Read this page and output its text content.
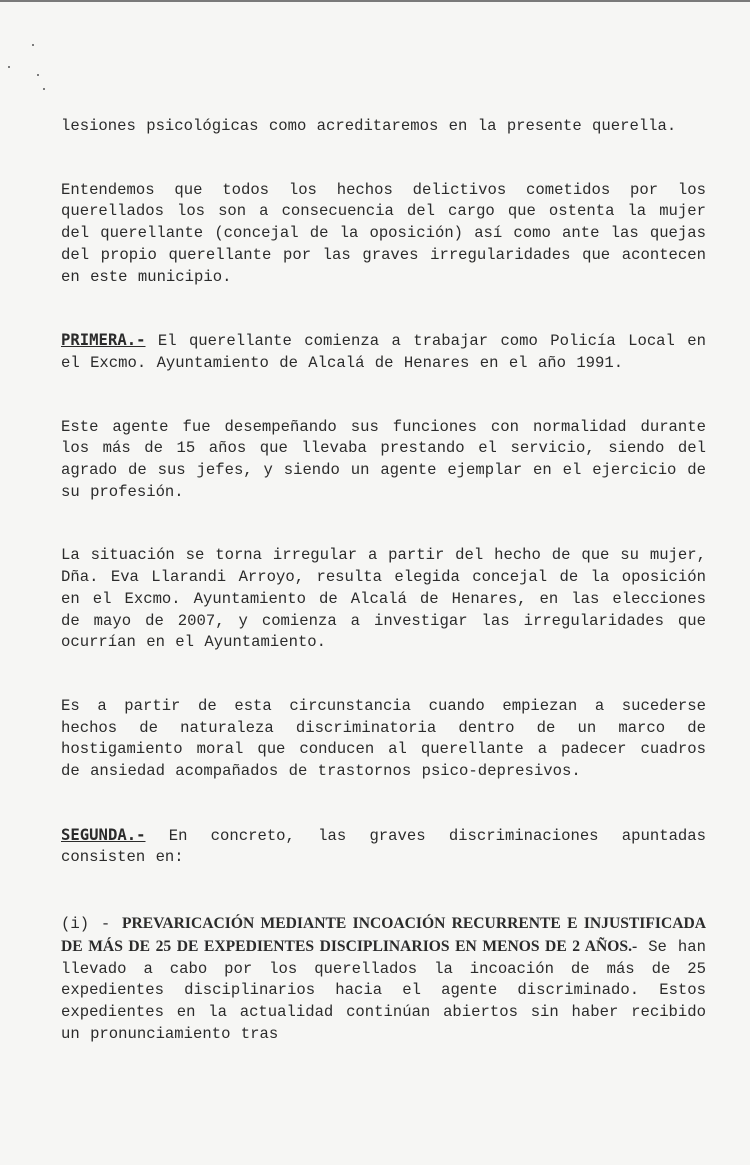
lesiones psicológicas como acreditaremos en la presente querella.

Entendemos que todos los hechos delictivos cometidos por los querellados los son a consecuencia del cargo que ostenta la mujer del querellante (concejal de la oposición) así como ante las quejas del propio querellante por las graves irregularidades que acontecen en este municipio.

PRIMERA.- El querellante comienza a trabajar como Policía Local en el Excmo. Ayuntamiento de Alcalá de Henares en el año 1991.

Este agente fue desempeñando sus funciones con normalidad durante los más de 15 años que llevaba prestando el servicio, siendo del agrado de sus jefes, y siendo un agente ejemplar en el ejercicio de su profesión.

La situación se torna irregular a partir del hecho de que su mujer, Dña. Eva Llarandi Arroyo, resulta elegida concejal de la oposición en el Excmo. Ayuntamiento de Alcalá de Henares, en las elecciones de mayo de 2007, y comienza a investigar las irregularidades que ocurrían en el Ayuntamiento.

Es a partir de esta circunstancia cuando empiezan a sucederse hechos de naturaleza discriminatoria dentro de un marco de hostigamiento moral que conducen al querellante a padecer cuadros de ansiedad acompañados de trastornos psico-depresivos.

SEGUNDA.- En concreto, las graves discriminaciones apuntadas consisten en:

(i) - PREVARICACIÓN MEDIANTE INCOACIÓN RECURRENTE E INJUSTIFICADA DE MÁS DE 25 DE EXPEDIENTES DISCIPLINARIOS EN MENOS DE 2 AÑOS.- Se han llevado a cabo por los querellados la incoación de más de 25 expedientes disciplinarios hacia el agente discriminado. Estos expedientes en la actualidad continúan abiertos sin haber recibido un pronunciamiento tras
